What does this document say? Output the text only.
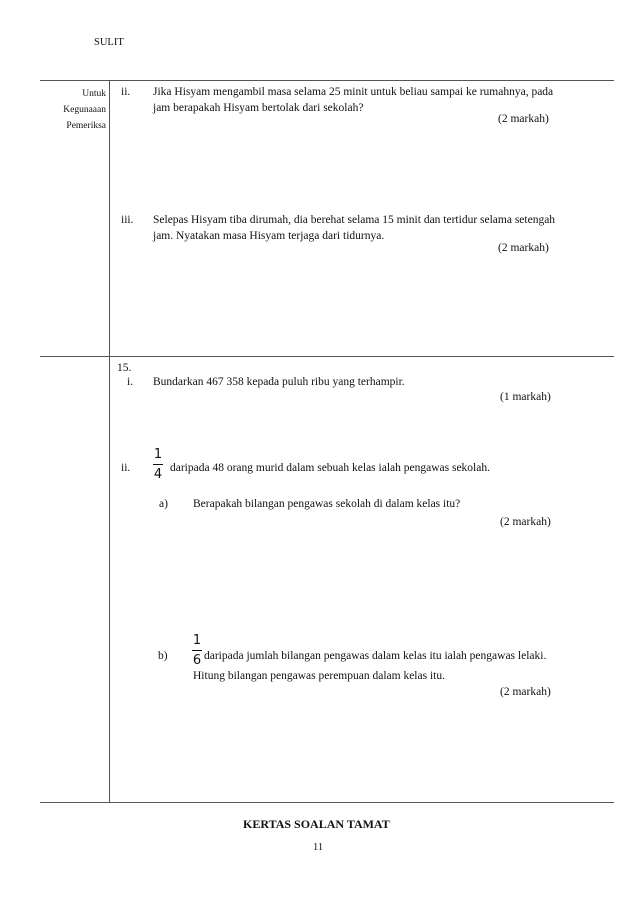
SULIT
Untuk
Kegunaaan
Pemeriksa
ii. Jika Hisyam mengambil masa selama 25 minit untuk beliau sampai ke rumahnya, pada
jam berapakah Hisyam bertolak dari sekolah?
(2 markah)
iii. Selepas Hisyam tiba dirumah, dia berehat selama 15 minit dan tertidur selama setengah
jam. Nyatakan masa Hisyam terjaga dari tidurnya.
(2 markah)
15.
i. Bundarkan 467 358 kepada puluh ribu yang terhampir.
(1 markah)
ii.
1
4 daripada 48 orang murid dalam sebuah kelas ialah pengawas sekolah.
a) Berapakah bilangan pengawas sekolah di dalam kelas itu?
(2 markah)
b)
1
6 daripada jumlah bilangan pengawas dalam kelas itu ialah pengawas lelaki.
Hitung bilangan pengawas perempuan dalam kelas itu.
(2 markah)
KERTAS SOALAN TAMAT
11
